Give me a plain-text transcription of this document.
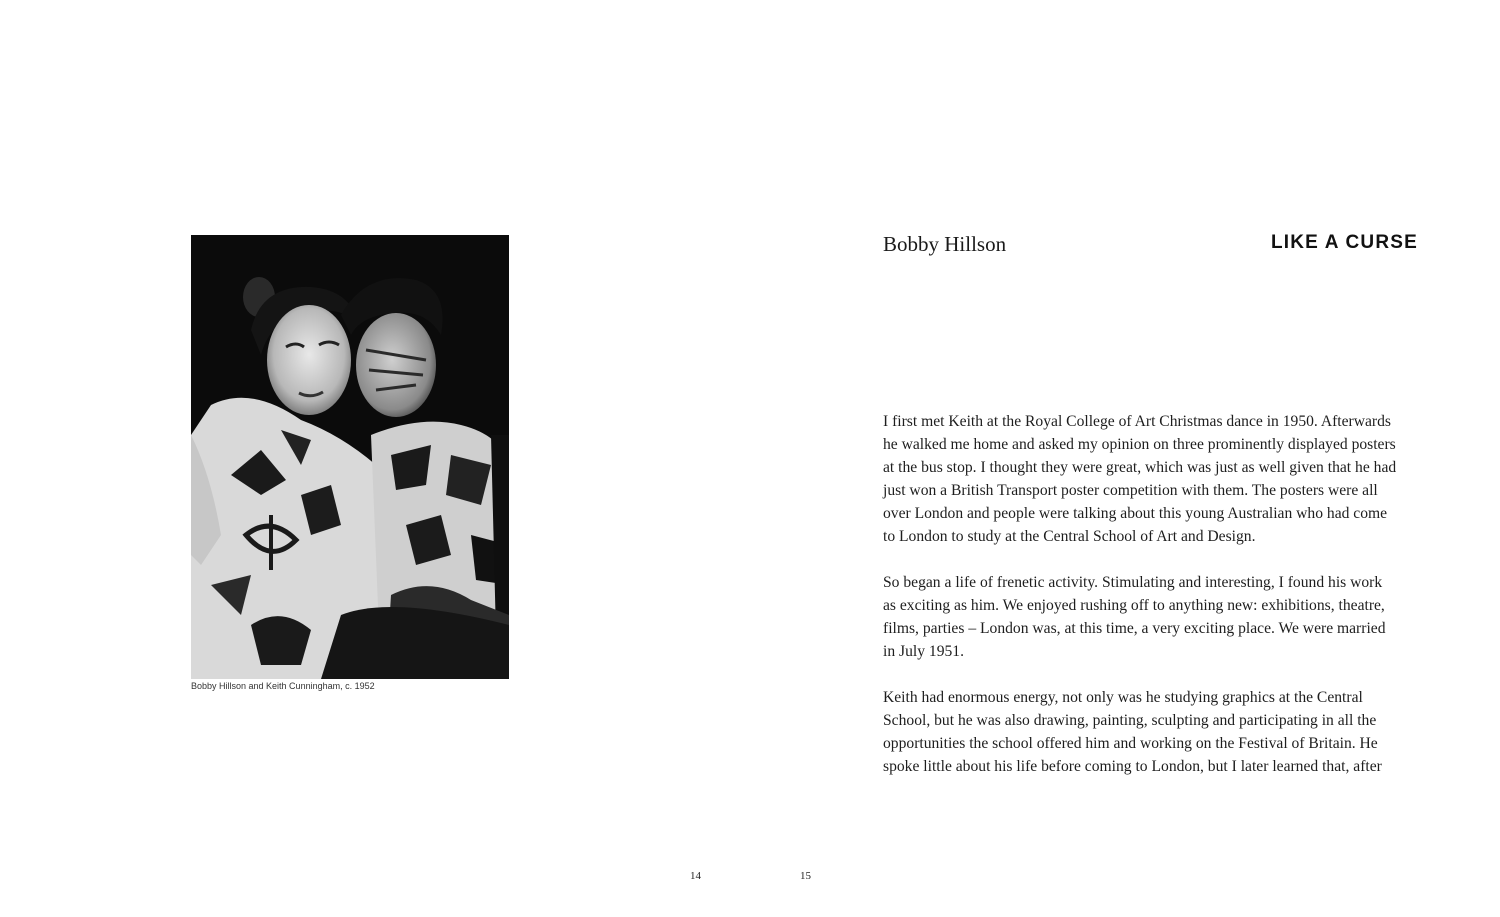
Bobby Hillson and Keith Cunningham, c. 1952
14
Bobby Hillson	LIKE A CURSE

I first met Keith at the Royal College of Art Christmas dance in 1950. Afterwards
he walked me home and asked my opinion on three prominently displayed posters
at the bus stop. I thought they were great, which was just as well given that he had
just won a British Transport poster competition with them. The posters were all
over London and people were talking about this young Australian who had come
to London to study at the Central School of Art and Design.

So began a life of frenetic activity. Stimulating and interesting, I found his work
as exciting as him. We enjoyed rushing off to anything new: exhibitions, theatre,
films, parties – London was, at this time, a very exciting place. We were married
in July 1951.

Keith had enormous energy, not only was he studying graphics at the Central
School, but he was also drawing, painting, sculpting and participating in all the
opportunities the school offered him and working on the Festival of Britain. He
spoke little about his life before coming to London, but I later learned that, after

15
